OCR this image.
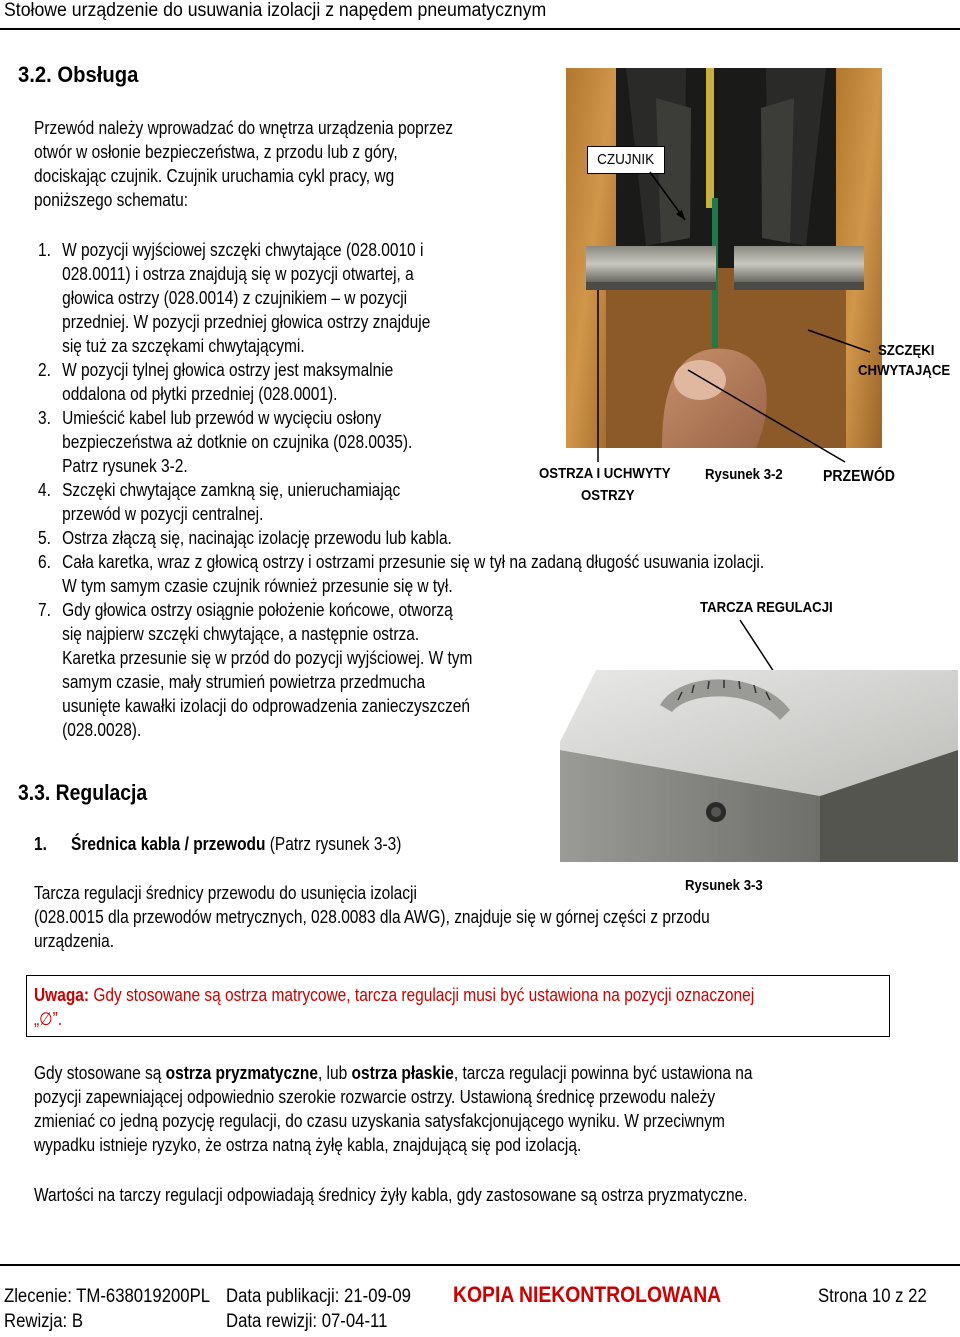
Stołowe urządzenie do usuwania izolacji z napędem pneumatycznym
3.2. Obsługa
Przewód należy wprowadzać do wnętrza urządzenia poprzez
otwór w osłonie bezpieczeństwa, z przodu lub z góry,
dociskając czujnik. Czujnik uruchamia cykl pracy, wg
poniższego schematu:
1. W pozycji wyjściowej szczęki chwytające (028.0010 i
028.0011) i ostrza znajdują się w pozycji otwartej, a
głowica ostrzy (028.0014) z czujnikiem – w pozycji
przedniej. W pozycji przedniej głowica ostrzy znajduje
się tuż za szczękami chwytającymi.
2. W pozycji tylnej głowica ostrzy jest maksymalnie
oddalona od płytki przedniej (028.0001).
3. Umieścić kabel lub przewód w wycięciu osłony
bezpieczeństwa aż dotknie on czujnika (028.0035).
Patrz rysunek 3-2.
4. Szczęki chwytające zamkną się, unieruchamiając
przewód w pozycji centralnej.
5. Ostrza złączą się, nacinając izolację przewodu lub kabla.
6. Cała karetka, wraz z głowicą ostrzy i ostrzami przesunie się w tył na zadaną długość usuwania izolacji.
W tym samym czasie czujnik również przesunie się w tył.
7. Gdy głowica ostrzy osiągnie położenie końcowe, otworzą
się najpierw szczęki chwytające, a następnie ostrza.
Karetka przesunie się w przód do pozycji wyjściowej. W tym
samym czasie, mały strumień powietrza przedmucha
usunięte kawałki izolacji do odprowadzenia zanieczyszczeń
(028.0028).
CZUJNIK
SZCZĘKI
CHWYTAJĄCE
OSTRZA I UCHWYTY
OSTRZY
Rysunek 3-2	PRZEWÓD
TARCZA REGULACJI
Rysunek 3-3
3.3. Regulacja
1. Średnica kabla / przewodu (Patrz rysunek 3-3)
Tarcza regulacji średnicy przewodu do usunięcia izolacji
(028.0015 dla przewodów metrycznych, 028.0083 dla AWG), znajduje się w górnej części z przodu
urządzenia.
Uwaga: Gdy stosowane są ostrza matrycowe, tarcza regulacji musi być ustawiona na pozycji oznaczonej
„∅”.
Gdy stosowane są ostrza pryzmatyczne, lub ostrza płaskie, tarcza regulacji powinna być ustawiona na
pozycji zapewniającej odpowiednio szerokie rozwarcie ostrzy. Ustawioną średnicę przewodu należy
zmieniać co jedną pozycję regulacji, do czasu uzyskania satysfakcjonującego wyniku. W przeciwnym
wypadku istnieje ryzyko, że ostrza natną żyłę kabla, znajdującą się pod izolacją.
Wartości na tarczy regulacji odpowiadają średnicy żyły kabla, gdy zastosowane są ostrza pryzmatyczne.
Zlecenie: TM-638019200PL Data publikacji: 21-09-09 KOPIA NIEKONTROLOWANA	Strona 10 z 22
Rewizja: B	Data rewizji: 07-04-11
